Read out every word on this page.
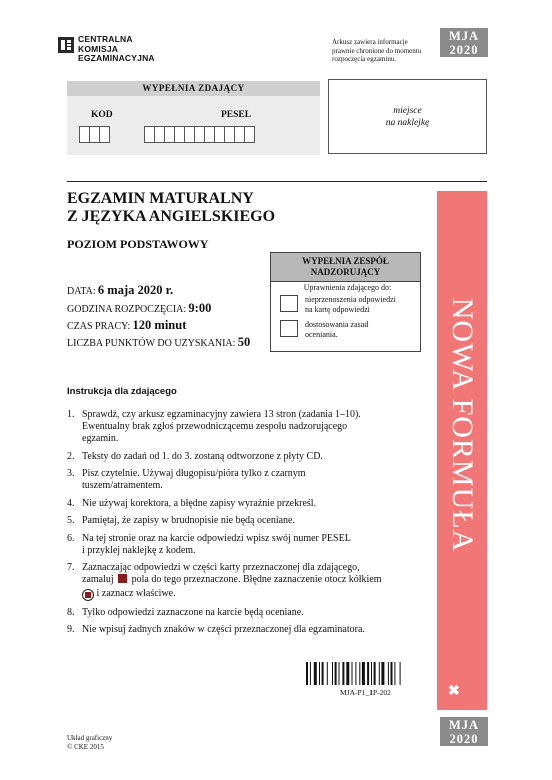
CENTRALNA
KOMISJA
EGZAMINACYJNA
Arkusz zawiera informacje
prawnie chronione do momentu
rozpoczęcia egzaminu.
MJA
2020
WYPEŁNIA ZDAJĄCY
KOD	PESEL	miejsce
na naklejkę
EGZAMIN MATURALNY
Z JĘZYKA ANGIELSKIEGO
POZIOM PODSTAWOWY
DATA: 6 maja 2020 r.
GODZINA ROZPOCZĘCIA: 9:00
CZAS PRACY: 120 minut
LICZBA PUNKTÓW DO UZYSKANIA: 50
WYPEŁNIA ZESPÓŁ
NADZORUJĄCY
Uprawnienia zdającego do:
nieprzenoszenia odpowiedzi
na kartę odpowiedzi
dostosowania zasad
oceniania.	NOWA FORMUŁA
✖
Instrukcja dla zdającego
1. Sprawdź, czy arkusz egzaminacyjny zawiera 13 stron (zadania 1–10).
Ewentualny brak zgłoś przewodniczącemu zespołu nadzorującego
egzamin.
2. Teksty do zadań od 1. do 3. zostaną odtworzone z płyty CD.
3. Pisz czytelnie. Używaj długopisu/pióra tylko z czarnym
tuszem/atramentem.
4. Nie używaj korektora, a błędne zapisy wyraźnie przekreśl.
5. Pamiętaj, że zapisy w brudnopisie nie będą oceniane.
6. Na tej stronie oraz na karcie odpowiedzi wpisz swój numer PESEL
i przyklej naklejkę z kodem.
7. Zaznaczając odpowiedzi w części karty przeznaczonej dla zdającego,
zamaluj pola do tego przeznaczone. Błędne zaznaczenie otocz kółkiem
i zaznacz właściwe.
8. Tylko odpowiedzi zaznaczone na karcie będą oceniane.
9. Nie wpisuj żadnych znaków w części przeznaczonej dla egzaminatora.
MJA-P1_1P-202
MJA
2020
Układ graficzny
© CKE 2015
